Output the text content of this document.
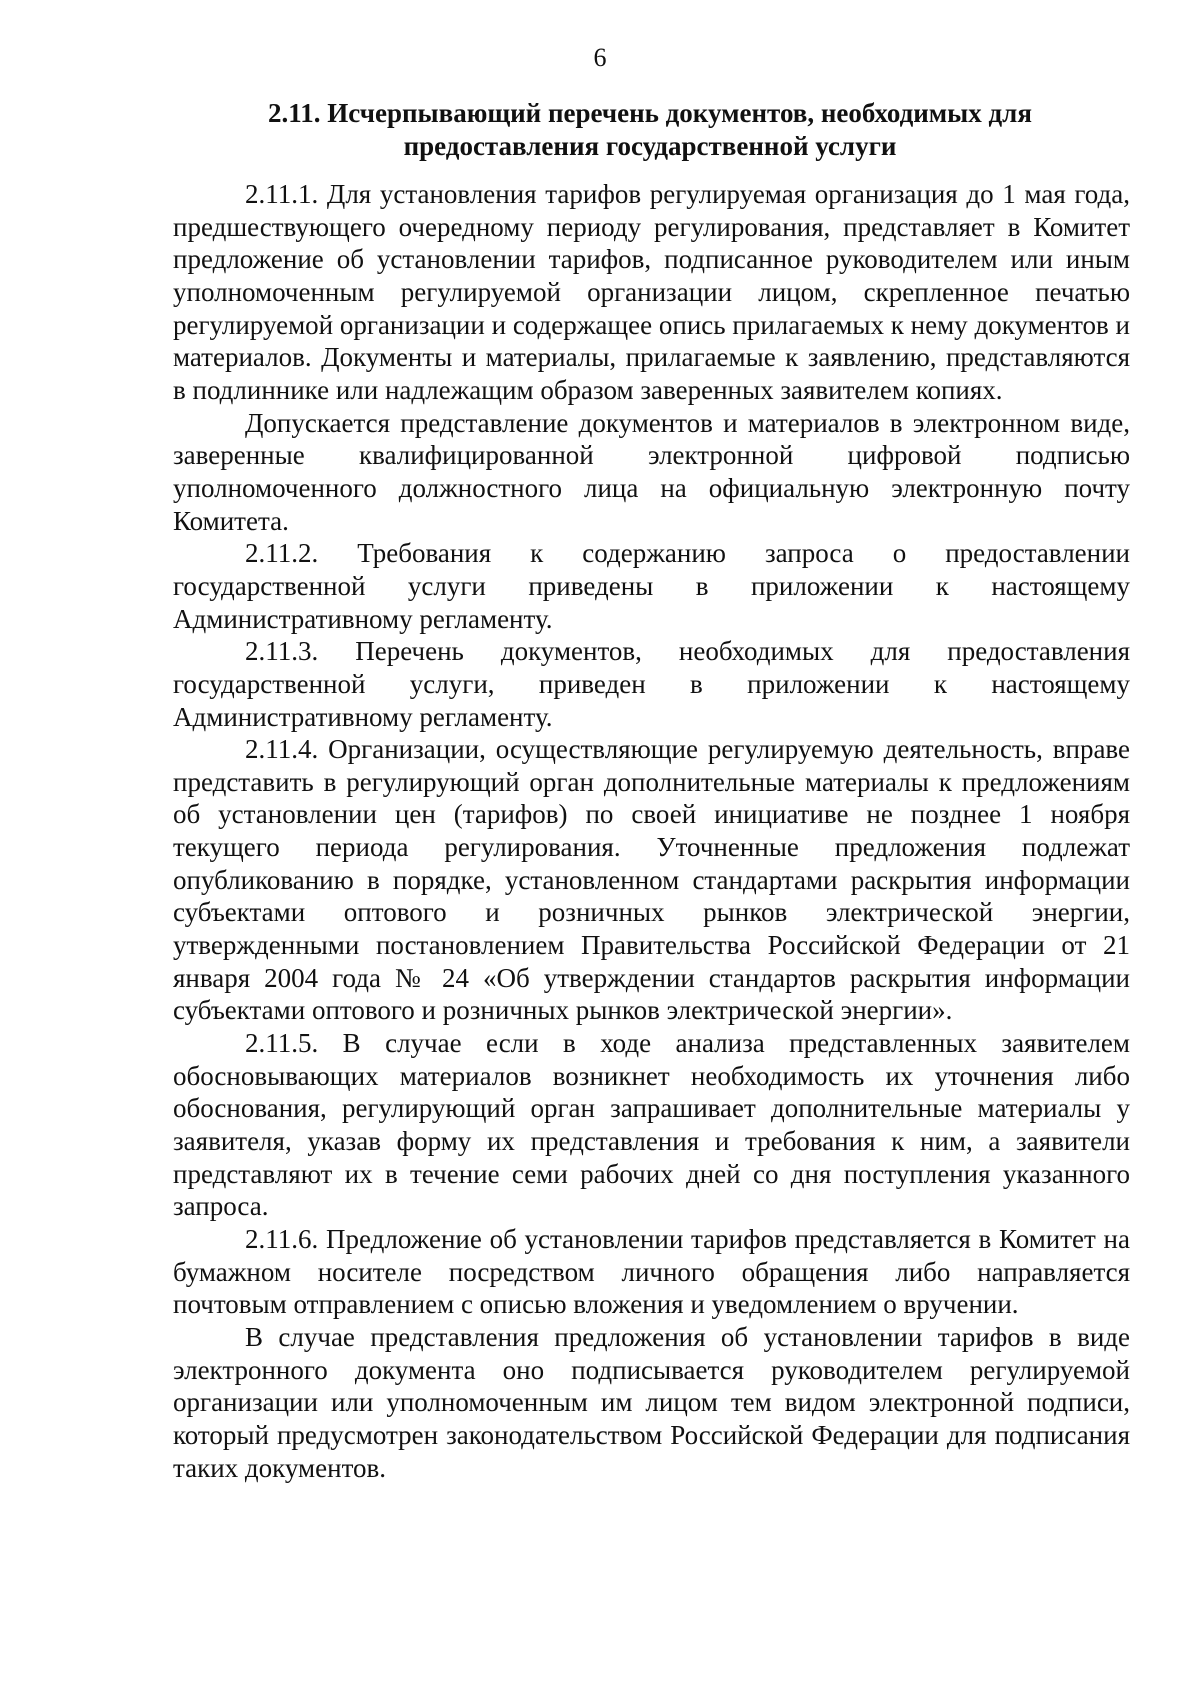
6
2.11. Исчерпывающий перечень документов, необходимых для предоставления государственной услуги

2.11.1. Для установления тарифов регулируемая организация до 1 мая года, предшествующего очередному периоду регулирования, представляет в Комитет предложение об установлении тарифов, подписанное руководителем или иным уполномоченным регулируемой организации лицом, скрепленное печатью регулируемой организации и содержащее опись прилагаемых к нему документов и материалов. Документы и материалы, прилагаемые к заявлению, представляются в подлиннике или надлежащим образом заверенных заявителем копиях.

Допускается представление документов и материалов в электронном виде, заверенные квалифицированной электронной цифровой подписью уполномоченного должностного лица на официальную электронную почту Комитета.

2.11.2. Требования к содержанию запроса о предоставлении государственной услуги приведены в приложении к настоящему Административному регламенту.

2.11.3. Перечень документов, необходимых для предоставления государственной услуги, приведен в приложении к настоящему Административному регламенту.

2.11.4. Организации, осуществляющие регулируемую деятельность, вправе представить в регулирующий орган дополнительные материалы к предложениям об установлении цен (тарифов) по своей инициативе не позднее 1 ноября текущего периода регулирования. Уточненные предложения подлежат опубликованию в порядке, установленном стандартами раскрытия информации субъектами оптового и розничных рынков электрической энергии, утвержденными постановлением Правительства Российской Федерации от 21 января 2004 года № 24 «Об утверждении стандартов раскрытия информации субъектами оптового и розничных рынков электрической энергии».

2.11.5. В случае если в ходе анализа представленных заявителем обосновывающих материалов возникнет необходимость их уточнения либо обоснования, регулирующий орган запрашивает дополнительные материалы у заявителя, указав форму их представления и требования к ним, а заявители представляют их в течение семи рабочих дней со дня поступления указанного запроса.

2.11.6. Предложение об установлении тарифов представляется в Комитет на бумажном носителе посредством личного обращения либо направляется почтовым отправлением с описью вложения и уведомлением о вручении.

В случае представления предложения об установлении тарифов в виде электронного документа оно подписывается руководителем регулируемой организации или уполномоченным им лицом тем видом электронной подписи, который предусмотрен законодательством Российской Федерации для подписания таких документов.
